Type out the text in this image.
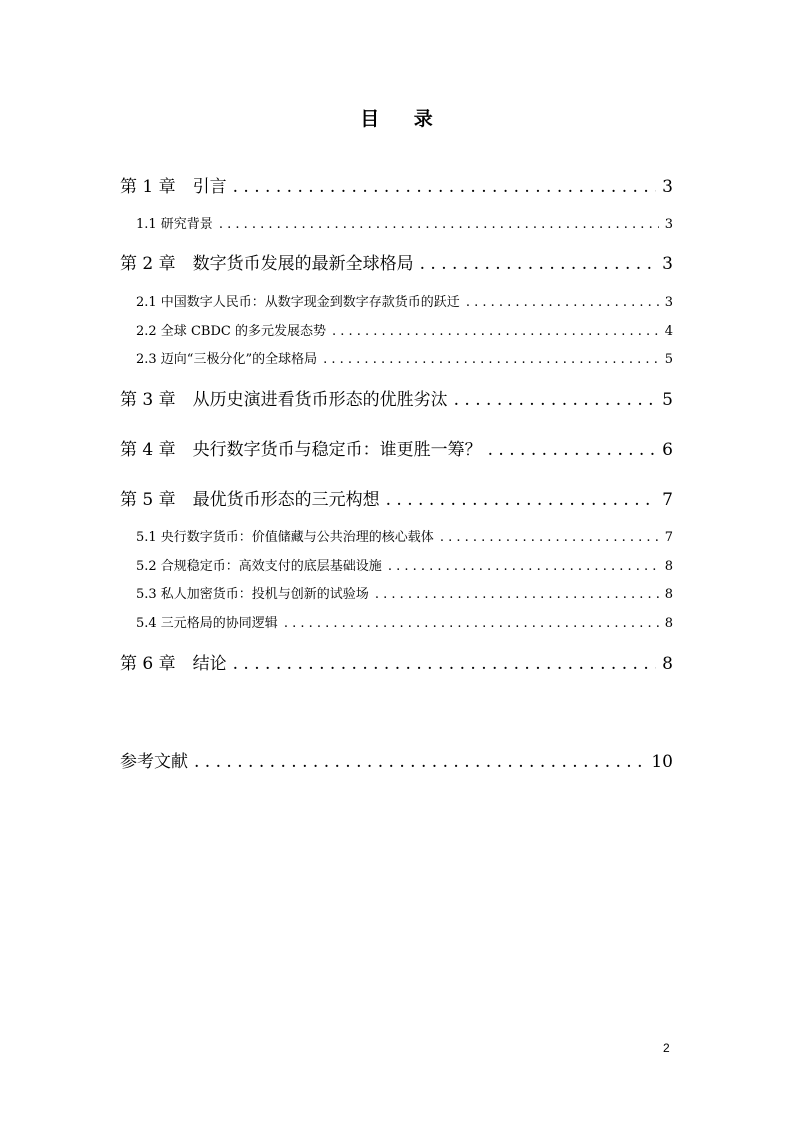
目 录
第 1 章　引言 . . .	3
1.1 研究背景 . . .	3
第 2 章　数字货币发展的最新全球格局 . . .	3
2.1 中国数字人民币：从数字现金到数字存款货币的跃迁 . . .	3
2.2 全球 CBDC 的多元发展态势 . . .	4
2.3 迈向“三极分化”的全球格局 . . .	5
第 3 章　从历史演进看货币形态的优胜劣汰 . . .	5
第 4 章　央行数字货币与稳定币：谁更胜一筹？ . . .	6
第 5 章　最优货币形态的三元构想 . . .	7
5.1 央行数字货币：价值储藏与公共治理的核心载体 . . .	7
5.2 合规稳定币：高效支付的底层基础设施 . . .	8
5.3 私人加密货币：投机与创新的试验场 . . .	8
5.4 三元格局的协同逻辑 . . .	8
第 6 章　结论 . . .	8
参考文献 . . .	10
2
